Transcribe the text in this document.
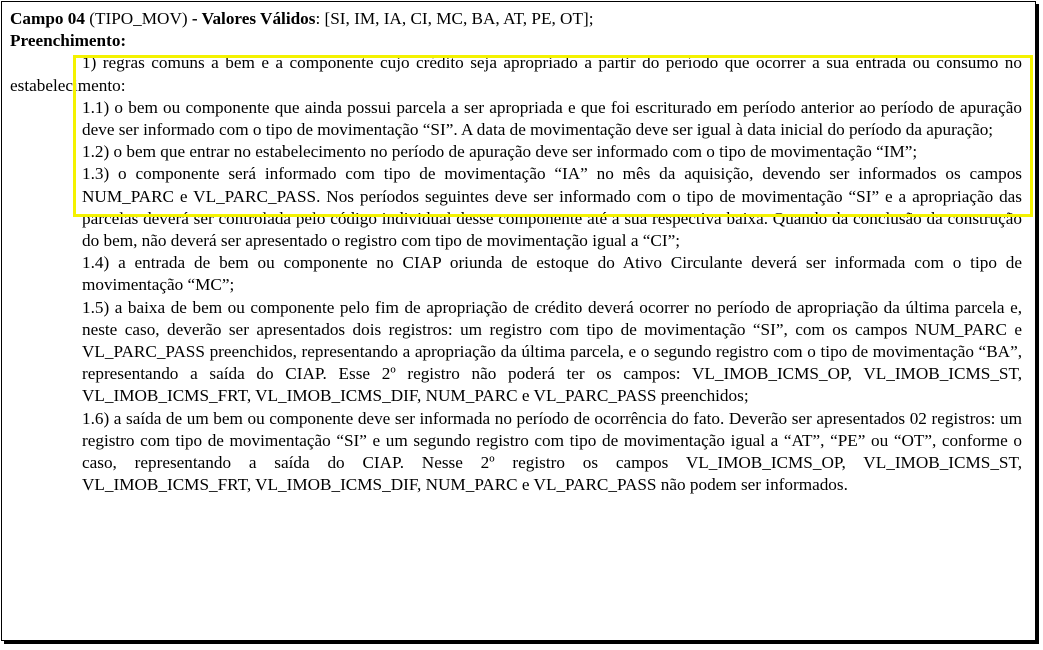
Campo 04 (TIPO_MOV) - Valores Válidos: [SI, IM, IA, CI, MC, BA, AT, PE, OT];

Preenchimento:

1) regras comuns a bem e a componente cujo crédito seja apropriado a partir do período que ocorrer a sua entrada ou consumo no estabelecimento:

1.1) o bem ou componente que ainda possui parcela a ser apropriada e que foi escriturado em período anterior ao período de apuração deve ser informado com o tipo de movimentação “SI”. A data de movimentação deve ser igual à data inicial do período da apuração;

1.2) o bem que entrar no estabelecimento no período de apuração deve ser informado com o tipo de movimentação “IM”;

1.3) o componente será informado com tipo de movimentação “IA” no mês da aquisição, devendo ser informados os campos NUM_PARC e VL_PARC_PASS. Nos períodos seguintes deve ser informado com o tipo de movimentação “SI” e a apropriação das parcelas deverá ser controlada pelo código individual desse componente até a sua respectiva baixa. Quando da conclusão da construção do bem, não deverá ser apresentado o registro com tipo de movimentação igual a “CI”;

1.4) a entrada de bem ou componente no CIAP oriunda de estoque do Ativo Circulante deverá ser informada com o tipo de movimentação “MC”;

1.5) a baixa de bem ou componente pelo fim de apropriação de crédito deverá ocorrer no período de apropriação da última parcela e, neste caso, deverão ser apresentados dois registros: um registro com tipo de movimentação “SI”, com os campos NUM_PARC e VL_PARC_PASS preenchidos, representando a apropriação da última parcela, e o segundo registro com o tipo de movimentação “BA”, representando a saída do CIAP. Esse 2º registro não poderá ter os campos: VL_IMOB_ICMS_OP, VL_IMOB_ICMS_ST, VL_IMOB_ICMS_FRT, VL_IMOB_ICMS_DIF, NUM_PARC e VL_PARC_PASS preenchidos;

1.6) a saída de um bem ou componente deve ser informada no período de ocorrência do fato. Deverão ser apresentados 02 registros: um registro com tipo de movimentação “SI” e um segundo registro com tipo de movimentação igual a “AT”, “PE” ou “OT”, conforme o caso, representando a saída do CIAP. Nesse 2º registro os campos VL_IMOB_ICMS_OP, VL_IMOB_ICMS_ST, VL_IMOB_ICMS_FRT, VL_IMOB_ICMS_DIF, NUM_PARC e VL_PARC_PASS não podem ser informados.
